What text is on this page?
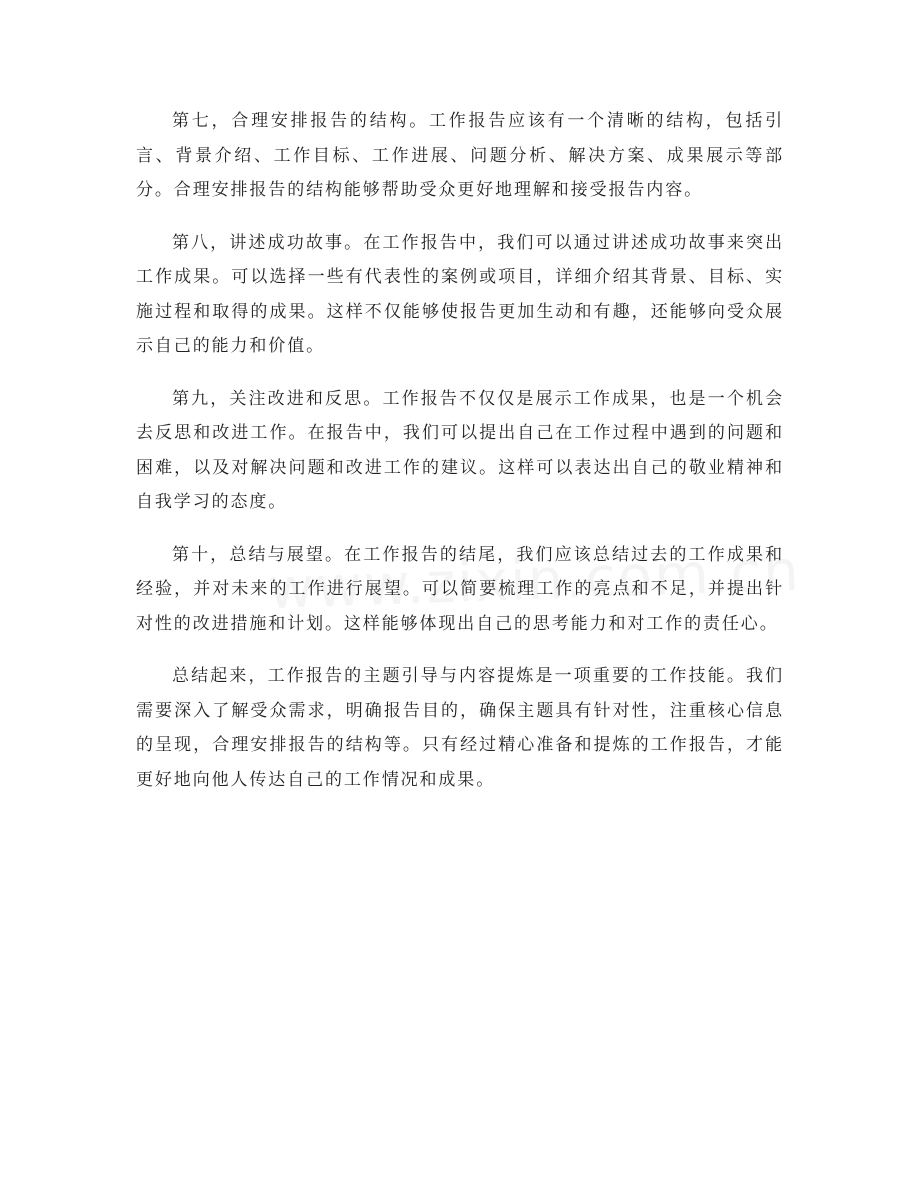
第七，合理安排报告的结构。工作报告应该有一个清晰的结构，包括引言、背景介绍、工作目标、工作进展、问题分析、解决方案、成果展示等部分。合理安排报告的结构能够帮助受众更好地理解和接受报告内容。

第八，讲述成功故事。在工作报告中，我们可以通过讲述成功故事来突出工作成果。可以选择一些有代表性的案例或项目，详细介绍其背景、目标、实施过程和取得的成果。这样不仅能够使报告更加生动和有趣，还能够向受众展示自己的能力和价值。

第九，关注改进和反思。工作报告不仅仅是展示工作成果，也是一个机会去反思和改进工作。在报告中，我们可以提出自己在工作过程中遇到的问题和困难，以及对解决问题和改进工作的建议。这样可以表达出自己的敬业精神和自我学习的态度。

第十，总结与展望。在工作报告的结尾，我们应该总结过去的工作成果和经验，并对未来的工作进行展望。可以简要梳理工作的亮点和不足，并提出针对性的改进措施和计划。这样能够体现出自己的思考能力和对工作的责任心。

总结起来，工作报告的主题引导与内容提炼是一项重要的工作技能。我们需要深入了解受众需求，明确报告目的，确保主题具有针对性，注重核心信息的呈现，合理安排报告的结构等。只有经过精心准备和提炼的工作报告，才能更好地向他人传达自己的工作情况和成果。
